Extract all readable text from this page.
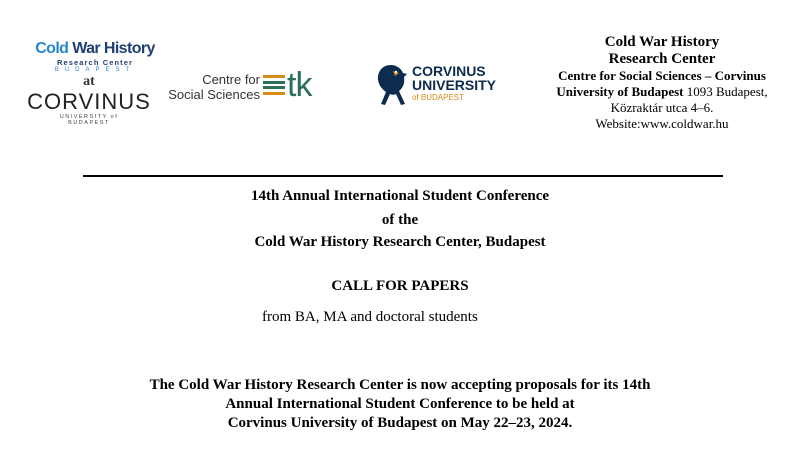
Cold War History
Research Center
BUDAPEST
at
CORVINUS
UNIVERSITY of
BUDAPEST
Centre for
Social Sciences tk	CORVINUS
UNIVERSITY
of BUDAPEST
Cold War History
Research Center
Centre for Social Sciences – Corvinus University of Budapest 1093 Budapest,
Közraktár utca 4–6.
Website:www.coldwar.hu
14th Annual International Student Conference
of the
Cold War History Research Center, Budapest
CALL FOR PAPERS
from BA, MA and doctoral students
The Cold War History Research Center is now accepting proposals for its 14th
Annual International Student Conference to be held at
Corvinus University of Budapest on May 22–23, 2024.
